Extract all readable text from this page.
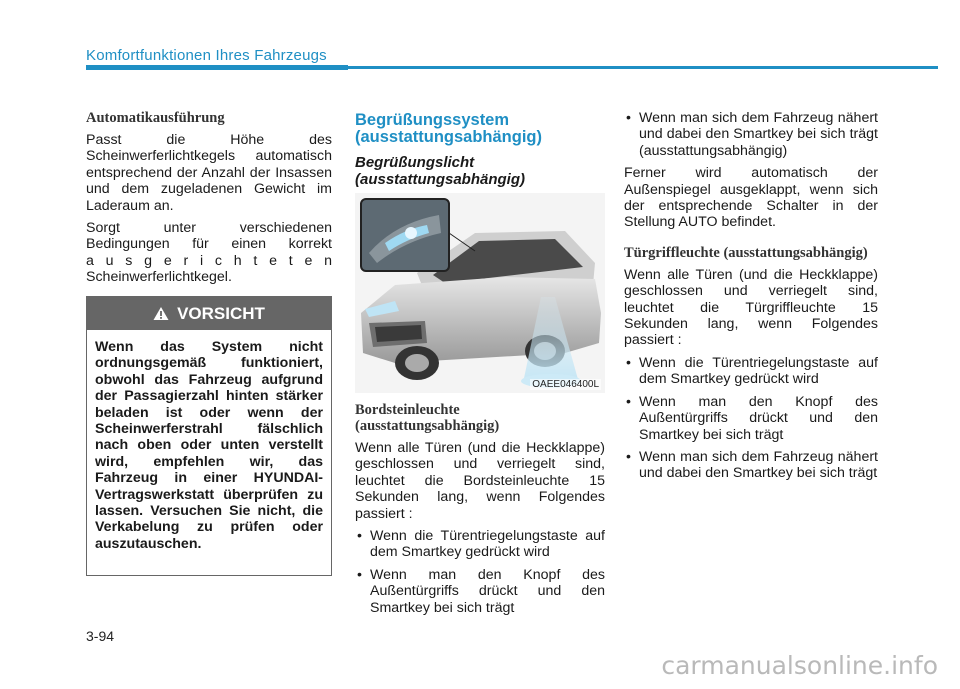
Komfortfunktionen Ihres Fahrzeugs
Automatikausführung

Passt die Höhe des Scheinwerferlichtkegels automatisch entsprechend der Anzahl der Insassen und dem zugeladenen Gewicht im Laderaum an.

Sorgt unter verschiedenen Bedingungen für einen korrekt
a u s g e r i c h t e t e n
Scheinwerferlichtkegel.

VORSICHT
Wenn das System nicht ordnungsgemäß funktioniert, obwohl das Fahrzeug aufgrund der Passagierzahl hinten stärker beladen ist oder wenn der Scheinwerferstrahl fälschlich nach oben oder unten verstellt wird, empfehlen wir, das Fahrzeug in einer HYUNDAI-Vertragswerkstatt überprüfen zu lassen. Versuchen Sie nicht, die Verkabelung zu prüfen oder auszutauschen.
Begrüßungssystem (ausstattungsabhängig)
Begrüßungslicht (ausstattungsabhängig)
OAEE046400L
Bordsteinleuchte (ausstattungsabhängig)

Wenn alle Türen (und die Heckklappe) geschlossen und verriegelt sind, leuchtet die Bordsteinleuchte 15 Sekunden lang, wenn Folgendes passiert :

• Wenn die Türentriegelungstaste auf dem Smartkey gedrückt wird
• Wenn man den Knopf des Außentürgriffs drückt und den Smartkey bei sich trägt
• Wenn man sich dem Fahrzeug nähert und dabei den Smartkey bei sich trägt (ausstattungsabhängig)

Ferner wird automatisch der Außenspiegel ausgeklappt, wenn sich der entsprechende Schalter in der Stellung AUTO befindet.

Türgriffleuchte (ausstattungsabhängig)

Wenn alle Türen (und die Heckklappe) geschlossen und verriegelt sind, leuchtet die Türgriffleuchte 15 Sekunden lang, wenn Folgendes passiert :

• Wenn die Türentriegelungstaste auf dem Smartkey gedrückt wird
• Wenn man den Knopf des Außentürgriffs drückt und den Smartkey bei sich trägt
• Wenn man sich dem Fahrzeug nähert und dabei den Smartkey bei sich trägt
3-94
carmanualsonline.info
